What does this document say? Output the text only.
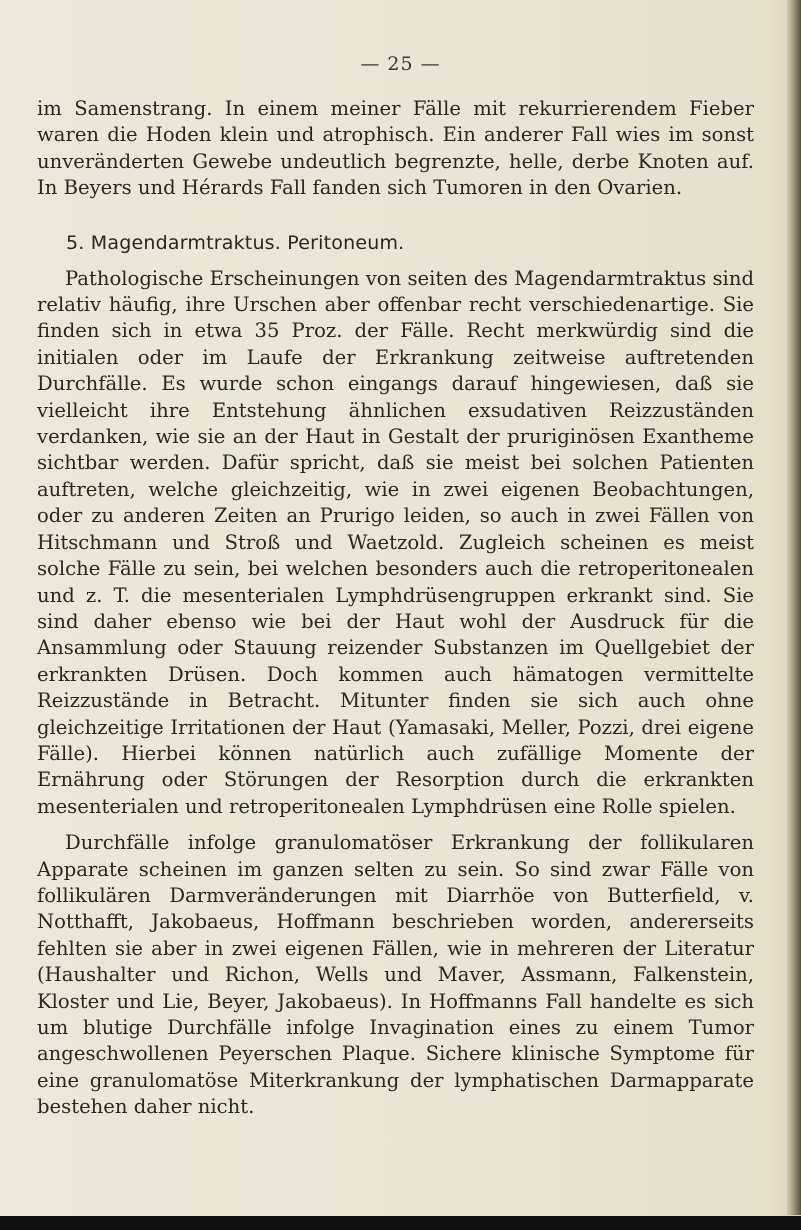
— 25 —

im Samenstrang. In einem meiner Fälle mit rekurrierendem Fieber waren die Hoden klein und atrophisch. Ein anderer Fall wies im sonst unveränderten Gewebe undeutlich begrenzte, helle, derbe Knoten auf. In Beyers und Hérards Fall fanden sich Tumoren in den Ovarien.

5. Magendarmtraktus. Peritoneum.

Pathologische Erscheinungen von seiten des Magendarmtraktus sind relativ häufig, ihre Urschen aber offenbar recht verschiedenartige. Sie finden sich in etwa 35 Proz. der Fälle. Recht merkwürdig sind die initialen oder im Laufe der Erkrankung zeitweise auftretenden Durchfälle. Es wurde schon eingangs darauf hingewiesen, daß sie vielleicht ihre Entstehung ähnlichen exsudativen Reizzuständen verdanken, wie sie an der Haut in Gestalt der pruriginösen Exantheme sichtbar werden. Dafür spricht, daß sie meist bei solchen Patienten auftreten, welche gleichzeitig, wie in zwei eigenen Beobachtungen, oder zu anderen Zeiten an Prurigo leiden, so auch in zwei Fällen von Hitschmann und Stroß und Waetzold. Zugleich scheinen es meist solche Fälle zu sein, bei welchen besonders auch die retroperitonealen und z. T. die mesenterialen Lymphdrüsengruppen erkrankt sind. Sie sind daher ebenso wie bei der Haut wohl der Ausdruck für die Ansammlung oder Stauung reizender Substanzen im Quellgebiet der erkrankten Drüsen. Doch kommen auch hämatogen vermittelte Reizzustände in Betracht. Mitunter finden sie sich auch ohne gleichzeitige Irritationen der Haut (Yamasaki, Meller, Pozzi, drei eigene Fälle). Hierbei können natürlich auch zufällige Momente der Ernährung oder Störungen der Resorption durch die erkrankten mesenterialen und retroperitonealen Lymphdrüsen eine Rolle spielen.

Durchfälle infolge granulomatöser Erkrankung der follikularen Apparate scheinen im ganzen selten zu sein. So sind zwar Fälle von follikulären Darmveränderungen mit Diarrhöe von Butterfield, v. Notthafft, Jakobaeus, Hoffmann beschrieben worden, andererseits fehlten sie aber in zwei eigenen Fällen, wie in mehreren der Literatur (Haushalter und Richon, Wells und Maver, Assmann, Falkenstein, Kloster und Lie, Beyer, Jakobaeus). In Hoffmanns Fall handelte es sich um blutige Durchfälle infolge Invagination eines zu einem Tumor angeschwollenen Peyerschen Plaque. Sichere klinische Symptome für eine granulomatöse Miterkrankung der lymphatischen Darmapparate bestehen daher nicht.
